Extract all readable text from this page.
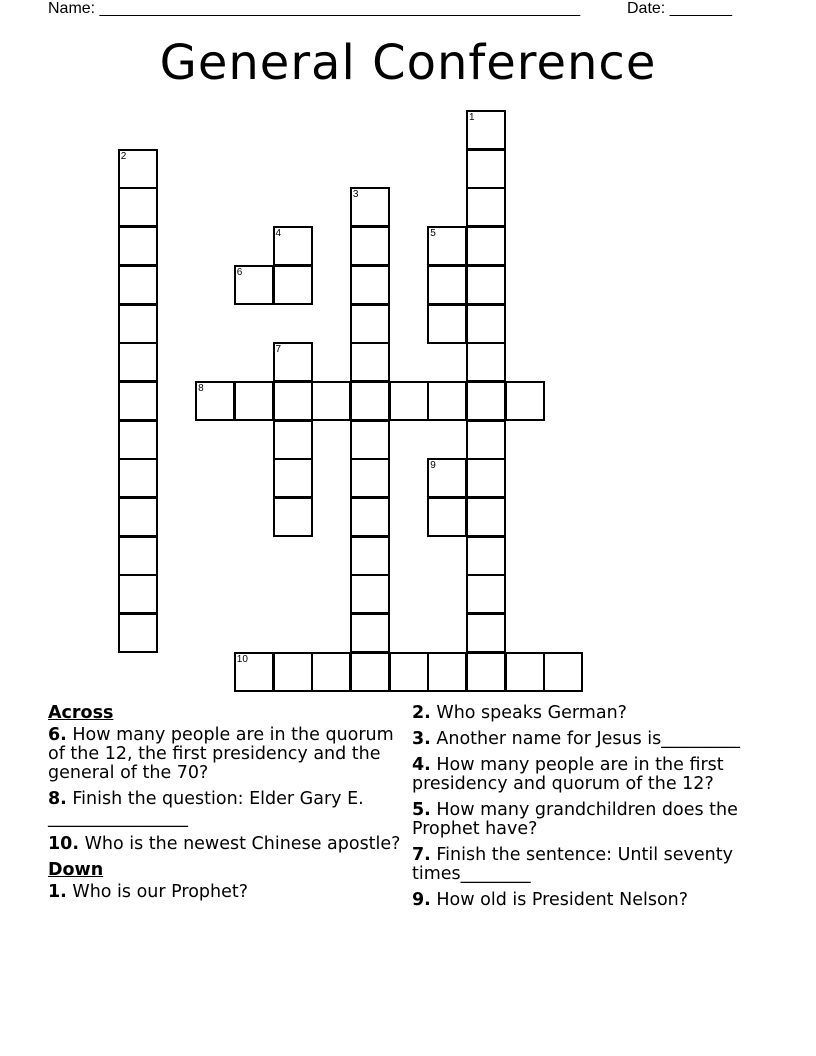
Name: ______________________________________________________	Date: _______
General Conference
1
2
3
4	5
6
7
8
9
10
Across
6. How many people are in the quorum of the 12, the first presidency and the general of the 70?
8. Finish the question: Elder Gary E. ________________
10. Who is the newest Chinese apostle?
Down
1. Who is our Prophet?
2. Who speaks German?
3. Another name for Jesus is_________
4. How many people are in the first presidency and quorum of the 12?
5. How many grandchildren does the Prophet have?
7. Finish the sentence: Until seventy times________
9. How old is President Nelson?
